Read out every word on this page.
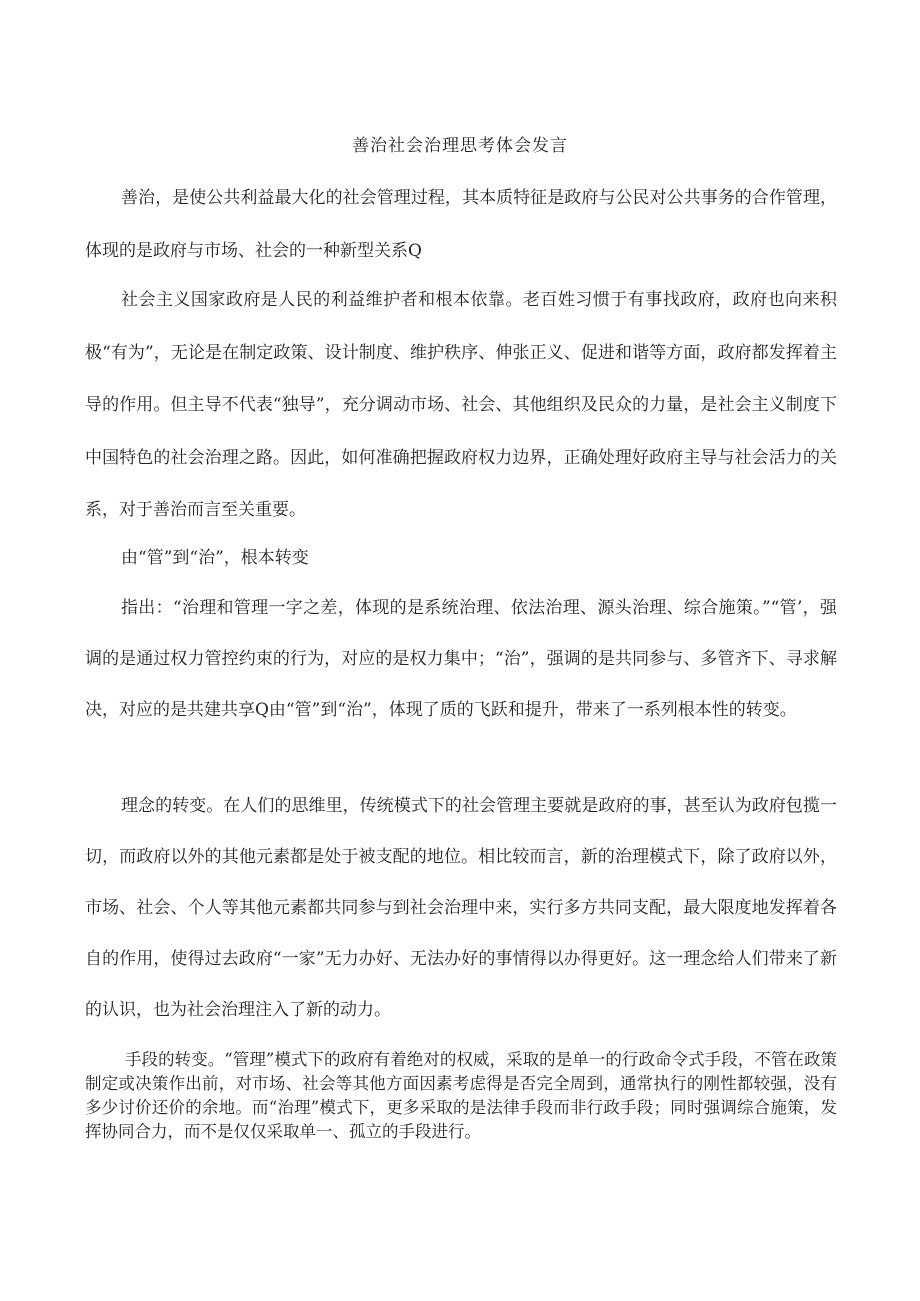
善治社会治理思考体会发言

善治，是使公共利益最大化的社会管理过程，其本质特征是政府与公民对公共事务的合作管理，体现的是政府与市场、社会的一种新型关系Q

社会主义国家政府是人民的利益维护者和根本依靠。老百姓习惯于有事找政府，政府也向来积极“有为”，无论是在制定政策、设计制度、维护秩序、伸张正义、促进和谐等方面，政府都发挥着主导的作用。但主导不代表“独导”，充分调动市场、社会、其他组织及民众的力量，是社会主义制度下中国特色的社会治理之路。因此，如何准确把握政府权力边界，正确处理好政府主导与社会活力的关系，对于善治而言至关重要。

由“管”到“治”，根本转变

指出：“治理和管理一字之差，体现的是系统治理、依法治理、源头治理、综合施策。”“管’，强调的是通过权力管控约束的行为，对应的是权力集中；“治”，强调的是共同参与、多管齐下、寻求解决，对应的是共建共享Q由“管”到“治”，体现了质的飞跃和提升，带来了一系列根本性的转变。

理念的转变。在人们的思维里，传统模式下的社会管理主要就是政府的事，甚至认为政府包揽一切，而政府以外的其他元素都是处于被支配的地位。相比较而言，新的治理模式下，除了政府以外，市场、社会、个人等其他元素都共同参与到社会治理中来，实行多方共同支配，最大限度地发挥着各自的作用，使得过去政府“一家”无力办好、无法办好的事情得以办得更好。这一理念给人们带来了新的认识，也为社会治理注入了新的动力。

手段的转变。“管理”模式下的政府有着绝对的权威，采取的是单一的行政命令式手段，不管在政策制定或决策作出前，对市场、社会等其他方面因素考虑得是否完全周到，通常执行的刚性都较强，没有多少讨价还价的余地。而“治理”模式下，更多采取的是法律手段而非行政手段；同时强调综合施策，发挥协同合力，而不是仅仅采取单一、孤立的手段进行。
